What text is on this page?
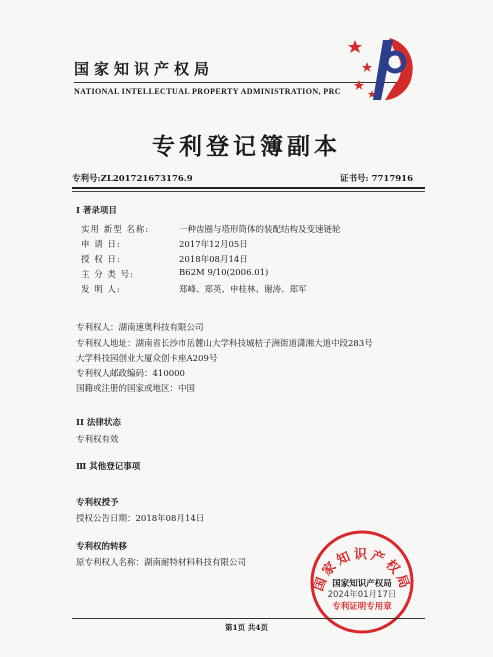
国家知识产权局
NATIONAL INTELLECTUAL PROPERTY ADMINISTRATION, PRC
专利登记簿副本
专利号:ZL201721673176.9	证书号: 7717916
I 著录项目
实用 新型 名称:	一种齿圈与塔形筒体的装配结构及变速链轮
申 请 日:	2017年12月05日
授 权 日:	2018年08月14日
主 分 类 号:	B62M 9/10(2006.01)
发 明 人:	郑峰、郑英、申桂林、谢涛、郑军
专利权人：湖南速奥科技有限公司
专利权人地址：湖南省长沙市岳麓山大学科技城桔子洲街道潇湘大道中段283号
大学科技园创业大厦众创卡座A209号
专利权人邮政编码：410000
国籍或注册的国家或地区：中国
II 法律状态
专利权有效
Ⅲ 其他登记事项
专利权授予
授权公告日期：2018年08月14日
专利权的转移
原专利权人名称：湖南耐特材料科技有限公司
国家知识产权局
国家知识产权局
2024年01月17日
专利证明专用章
第1页 共4页
